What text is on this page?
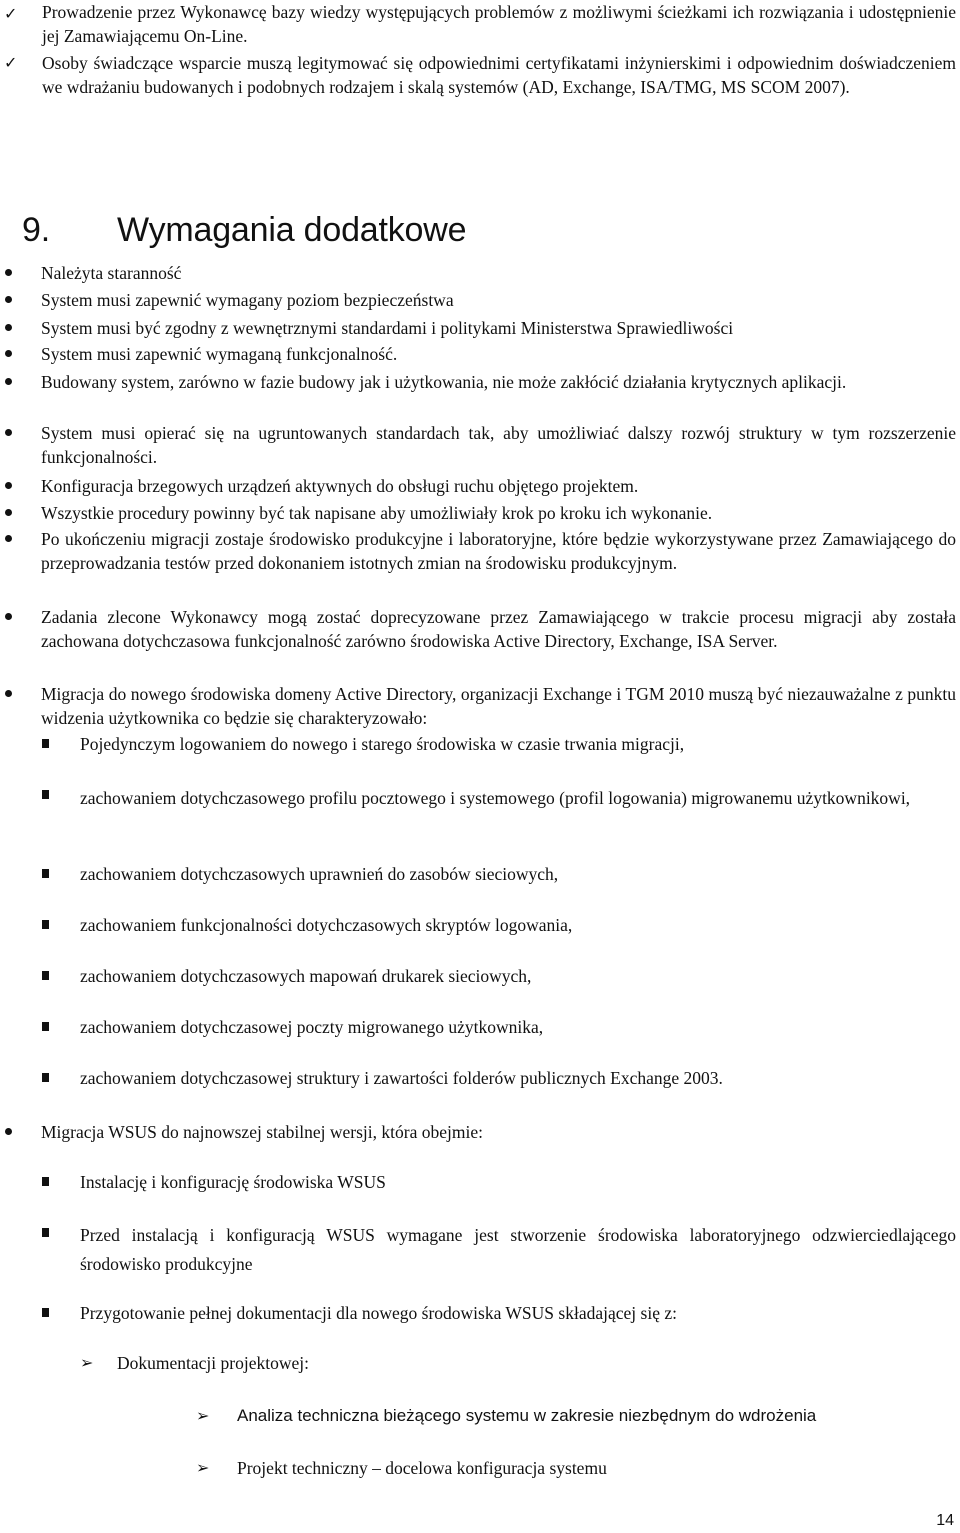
✓ Prowadzenie przez Wykonawcę bazy wiedzy występujących problemów z możliwymi ścieżkami ich rozwiązania i udostępnienie jej Zamawiającemu On-Line.
✓ Osoby świadczące wsparcie muszą legitymować się odpowiednimi certyfikatami inżynierskimi i odpowiednim doświadczeniem we wdrażaniu budowanych i podobnych rodzajem i skalą systemów (AD, Exchange, ISA/TMG, MS SCOM 2007).
9. Wymagania dodatkowe
Należyta staranność
System musi zapewnić wymagany poziom bezpieczeństwa
System musi być zgodny z wewnętrznymi standardami i politykami Ministerstwa Sprawiedliwości
System musi zapewnić wymaganą funkcjonalność.
Budowany system, zarówno w fazie budowy jak i użytkowania, nie może zakłócić działania krytycznych aplikacji.
System musi opierać się na ugruntowanych standardach tak, aby umożliwiać dalszy rozwój struktury w tym rozszerzenie funkcjonalności.
Konfiguracja brzegowych urządzeń aktywnych do obsługi ruchu objętego projektem.
Wszystkie procedury powinny być tak napisane aby umożliwiały krok po kroku ich wykonanie.
Po ukończeniu migracji zostaje środowisko produkcyjne i laboratoryjne, które będzie wykorzystywane przez Zamawiającego do przeprowadzania testów przed dokonaniem istotnych zmian na środowisku produkcyjnym.
Zadania zlecone Wykonawcy mogą zostać doprecyzowane przez Zamawiającego w trakcie procesu migracji aby została zachowana dotychczasowa funkcjonalność zarówno środowiska Active Directory, Exchange, ISA Server.
Migracja do nowego środowiska domeny Active Directory, organizacji Exchange i TGM 2010 muszą być niezauważalne z punktu widzenia użytkownika co będzie się charakteryzowało:
Pojedynczym logowaniem do nowego i starego środowiska w czasie trwania migracji,
zachowaniem dotychczasowego profilu pocztowego i systemowego (profil logowania) migrowanemu użytkownikowi,
zachowaniem dotychczasowych uprawnień do zasobów sieciowych,
zachowaniem funkcjonalności dotychczasowych skryptów logowania,
zachowaniem dotychczasowych mapowań drukarek sieciowych,
zachowaniem dotychczasowej poczty migrowanego użytkownika,
zachowaniem dotychczasowej struktury i zawartości folderów publicznych Exchange 2003.
Migracja WSUS do najnowszej stabilnej wersji, która obejmie:
Instalację i konfigurację środowiska WSUS
Przed instalacją i konfiguracją WSUS wymagane jest stworzenie środowiska laboratoryjnego odzwierciedlającego środowisko produkcyjne
Przygotowanie pełnej dokumentacji dla nowego środowiska WSUS składającej się z:
➢ Dokumentacji projektowej:
➢ Analiza techniczna bieżącego systemu w zakresie niezbędnym do wdrożenia
➢ Projekt techniczny – docelowa konfiguracja systemu
14
